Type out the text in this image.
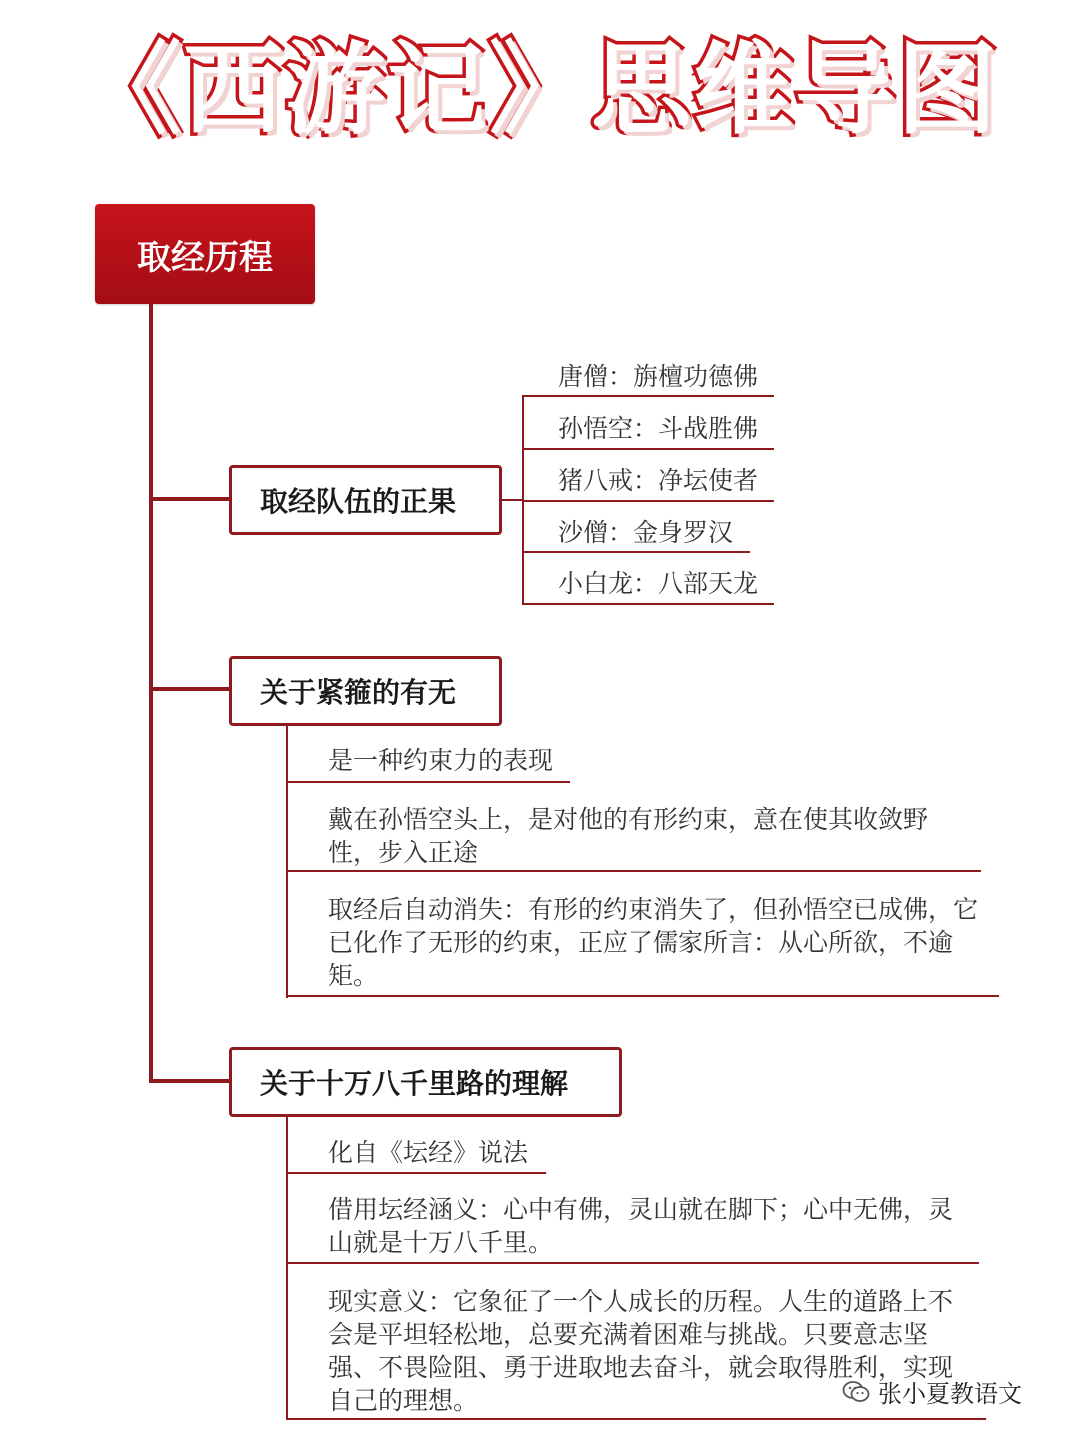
《西游记》思维导图
取经历程
取经队伍的正果
唐僧：旃檀功德佛
孙悟空：斗战胜佛
猪八戒：净坛使者
沙僧：金身罗汉
小白龙：八部天龙
关于紧箍的有无
是一种约束力的表现
戴在孙悟空头上，是对他的有形约束，意在使其收敛野性，步入正途
取经后自动消失：有形的约束消失了，但孙悟空已成佛，它已化作了无形的约束，正应了儒家所言：从心所欲，不逾矩。
关于十万八千里路的理解
化自《坛经》说法
借用坛经涵义：心中有佛，灵山就在脚下；心中无佛，灵山就是十万八千里。
现实意义：它象征了一个人成长的历程。人生的道路上不会是平坦轻松地，总要充满着困难与挑战。只要意志坚强、不畏险阻、勇于进取地去奋斗，就会取得胜利，实现自己的理想。	张小夏教语文
